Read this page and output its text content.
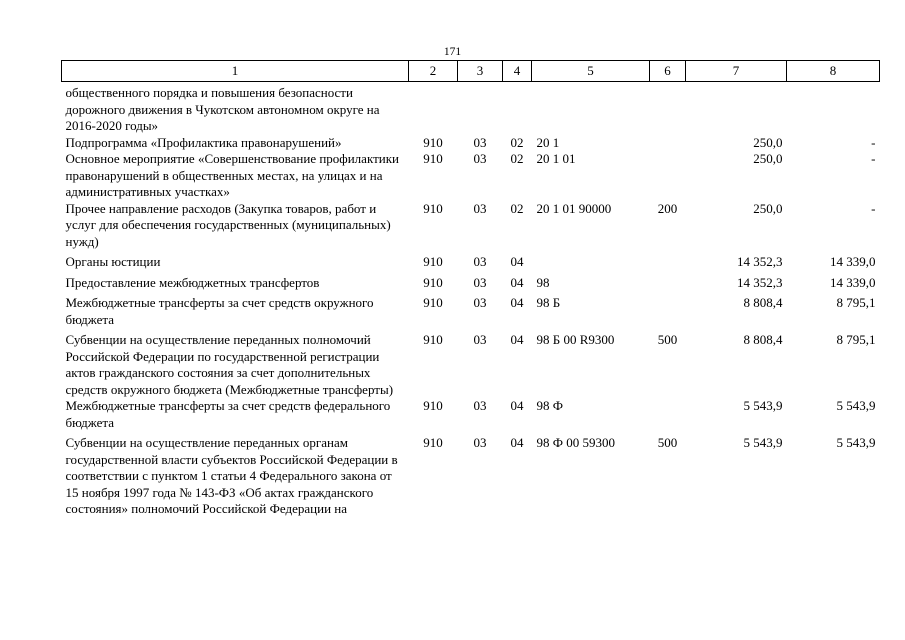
171
1	2	3	4	5	6	7	8
общественного порядка и повышения безопасности дорожного движения в Чукотском автономном округе на 2016-2020 годы»							
Подпрограмма «Профилактика правонарушений»	910	03	02	20 1		250,0	-
Основное мероприятие «Совершенствование профилактики правонарушений в общественных местах, на улицах и на административных участках»	910	03	02	20 1 01		250,0	-
Прочее направление расходов (Закупка товаров, работ и услуг для обеспечения государственных (муниципальных) нужд)	910	03	02	20 1 01 90000	200	250,0	-
Органы юстиции	910	03	04			14 352,3	14 339,0
Предоставление межбюджетных трансфертов	910	03	04	98		14 352,3	14 339,0
Межбюджетные трансферты за счет средств окружного бюджета	910	03	04	98 Б		8 808,4	8 795,1
Субвенции на осуществление переданных полномочий Российской Федерации по государственной регистрации актов гражданского состояния за счет дополнительных средств окружного бюджета (Межбюджетные трансферты)	910	03	04	98 Б 00 R9300	500	8 808,4	8 795,1
Межбюджетные трансферты за счет средств федерального бюджета	910	03	04	98 Ф		5 543,9	5 543,9
Субвенции на осуществление переданных органам государственной власти субъектов Российской Федерации в соответствии с пунктом 1 статьи 4 Федерального закона от 15 ноября 1997 года № 143-ФЗ «Об актах гражданского состояния» полномочий Российской Федерации на	910	03	04	98 Ф 00 59300	500	5 543,9	5 543,9
